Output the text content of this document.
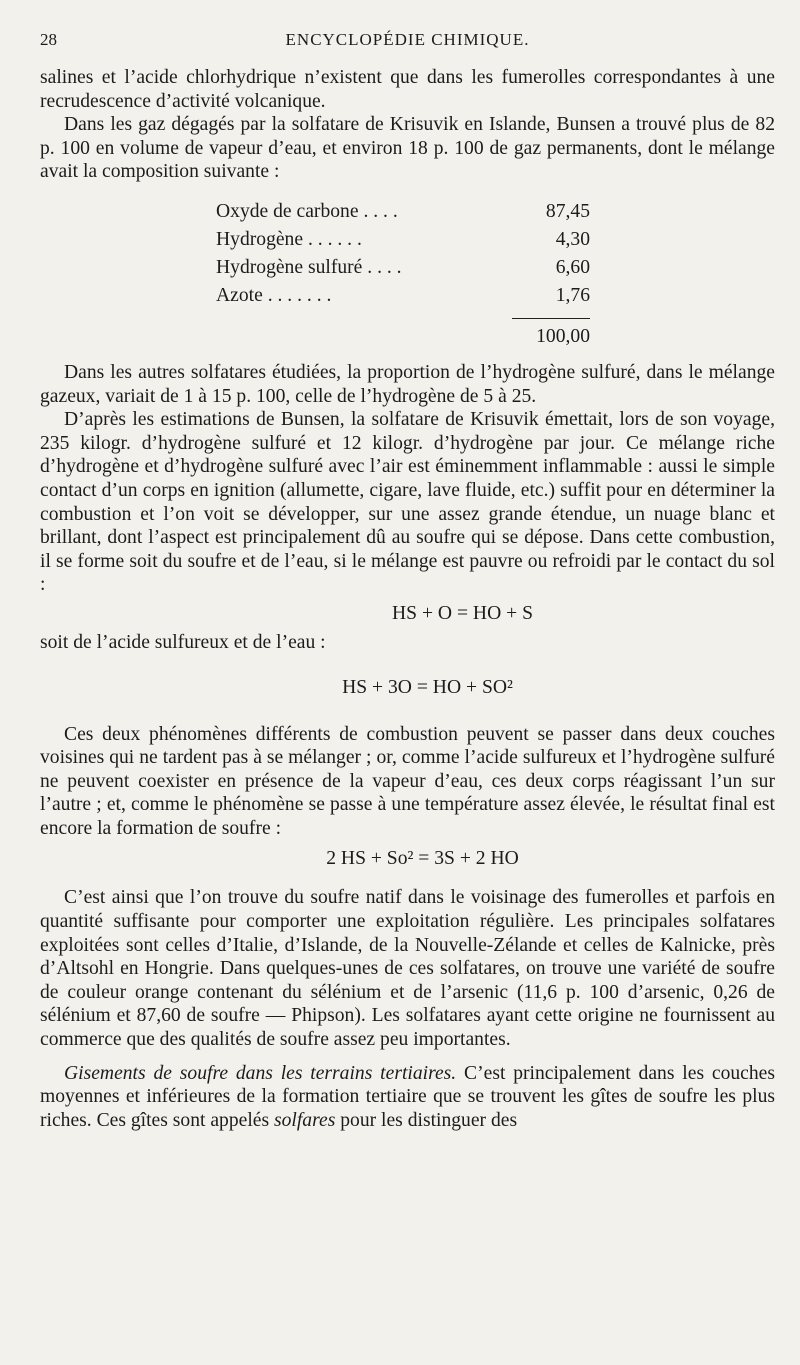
28	ENCYCLOPÉDIE CHIMIQUE.

salines et l’acide chlorhydrique n’existent que dans les fumerolles correspondantes à une recrudescence d’activité volcanique.

Dans les gaz dégagés par la solfatare de Krisuvik en Islande, Bunsen a trouvé plus de 82 p. 100 en volume de vapeur d’eau, et environ 18 p. 100 de gaz permanents, dont le mélange avait la composition suivante :

Oxyde de carbone . . . .	87,45
Hydrogène . . . . . .	4,30
Hydrogène sulfuré . . . .	6,60
Azote . . . . . . .	1,76
100,00

Dans les autres solfatares étudiées, la proportion de l’hydrogène sulfuré, dans le mélange gazeux, variait de 1 à 15 p. 100, celle de l’hydrogène de 5 à 25.

D’après les estimations de Bunsen, la solfatare de Krisuvik émettait, lors de son voyage, 235 kilogr. d’hydrogène sulfuré et 12 kilogr. d’hydrogène par jour. Ce mélange riche d’hydrogène et d’hydrogène sulfuré avec l’air est éminemment inflammable : aussi le simple contact d’un corps en ignition (allumette, cigare, lave fluide, etc.) suffit pour en déterminer la combustion et l’on voit se développer, sur une assez grande étendue, un nuage blanc et brillant, dont l’aspect est principalement dû au soufre qui se dépose. Dans cette combustion, il se forme soit du soufre et de l’eau, si le mélange est pauvre ou refroidi par le contact du sol :

HS + O = HO + S

soit de l’acide sulfureux et de l’eau :

HS + 3O = HO + SO²

Ces deux phénomènes différents de combustion peuvent se passer dans deux couches voisines qui ne tardent pas à se mélanger ; or, comme l’acide sulfureux et l’hydrogène sulfuré ne peuvent coexister en présence de la vapeur d’eau, ces deux corps réagissant l’un sur l’autre ; et, comme le phénomène se passe à une température assez élevée, le résultat final est encore la formation de soufre :

2 HS + So² = 3S + 2 HO

C’est ainsi que l’on trouve du soufre natif dans le voisinage des fumerolles et parfois en quantité suffisante pour comporter une exploitation régulière. Les principales solfatares exploitées sont celles d’Italie, d’Islande, de la Nouvelle-Zélande et celles de Kalnicke, près d’Altsohl en Hongrie. Dans quelques-unes de ces solfatares, on trouve une variété de soufre de couleur orange contenant du sélénium et de l’arsenic (11,6 p. 100 d’arsenic, 0,26 de sélénium et 87,60 de soufre — Phipson). Les solfatares ayant cette origine ne fournissent au commerce que des qualités de soufre assez peu importantes.

Gisements de soufre dans les terrains tertiaires. C’est principalement dans les couches moyennes et inférieures de la formation tertiaire que se trouvent les gîtes de soufre les plus riches. Ces gîtes sont appelés solfares pour les distinguer des
